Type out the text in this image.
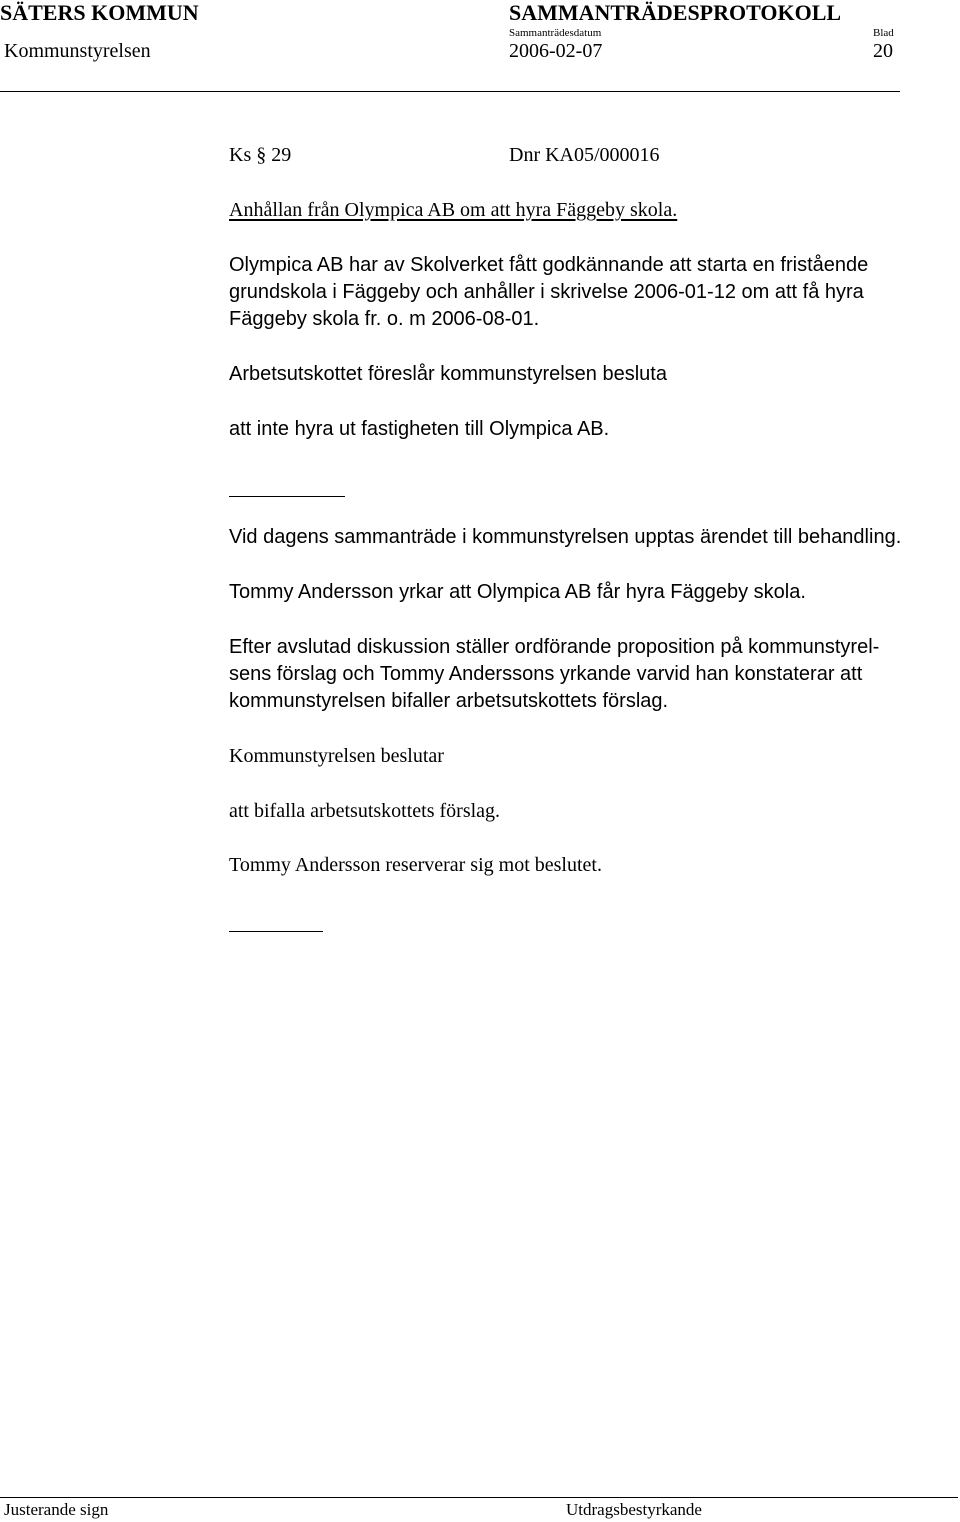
SÄTERS KOMMUN	SAMMANTRÄDESPROTOKOLL
Kommunstyrelsen
Sammanträdesdatum
2006-02-07
Blad
20
Ks § 29	Dnr KA05/000016
Anhållan från Olympica AB om att hyra Fäggeby skola.
Olympica AB har av Skolverket fått godkännande att starta en fristående
grundskola i Fäggeby och anhåller i skrivelse 2006-01-12 om att få hyra
Fäggeby skola fr. o. m 2006-08-01.
Arbetsutskottet föreslår kommunstyrelsen besluta
att inte hyra ut fastigheten till Olympica AB.
Vid dagens sammanträde i kommunstyrelsen upptas ärendet till behandling.
Tommy Andersson yrkar att Olympica AB får hyra Fäggeby skola.
Efter avslutad diskussion ställer ordförande proposition på kommunstyrel-
sens förslag och Tommy Anderssons yrkande varvid han konstaterar att
kommunstyrelsen bifaller arbetsutskottets förslag.
Kommunstyrelsen beslutar
att bifalla arbetsutskottets förslag.
Tommy Andersson reserverar sig mot beslutet.
Justerande sign	Utdragsbestyrkande
